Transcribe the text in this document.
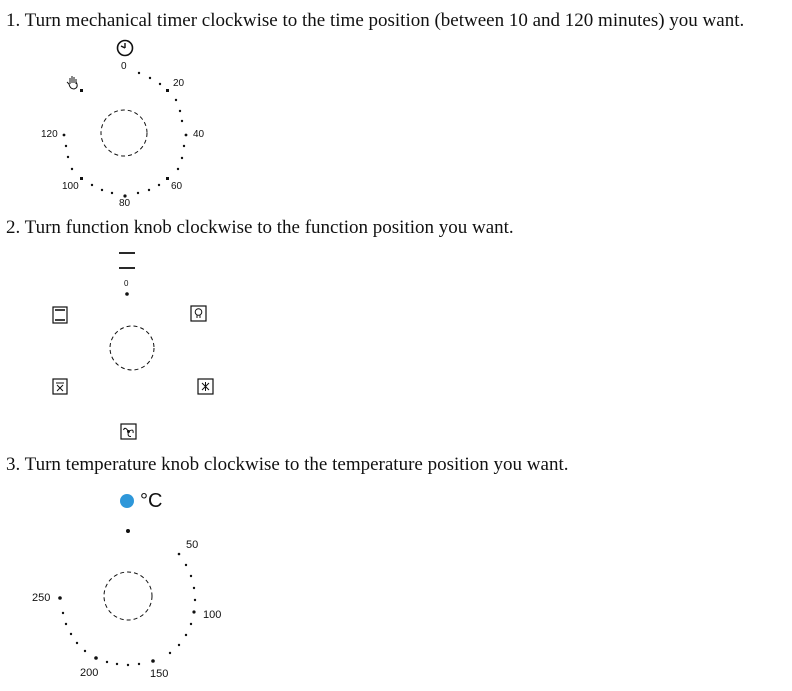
1. Turn mechanical timer clockwise to the time position (between 10 and 120 minutes) you want.
0
20
40
60
80
100
120
2. Turn function knob clockwise to the function position you want.
0
3. Turn temperature knob clockwise to the temperature position you want.
°C
50
100
150
200
250
